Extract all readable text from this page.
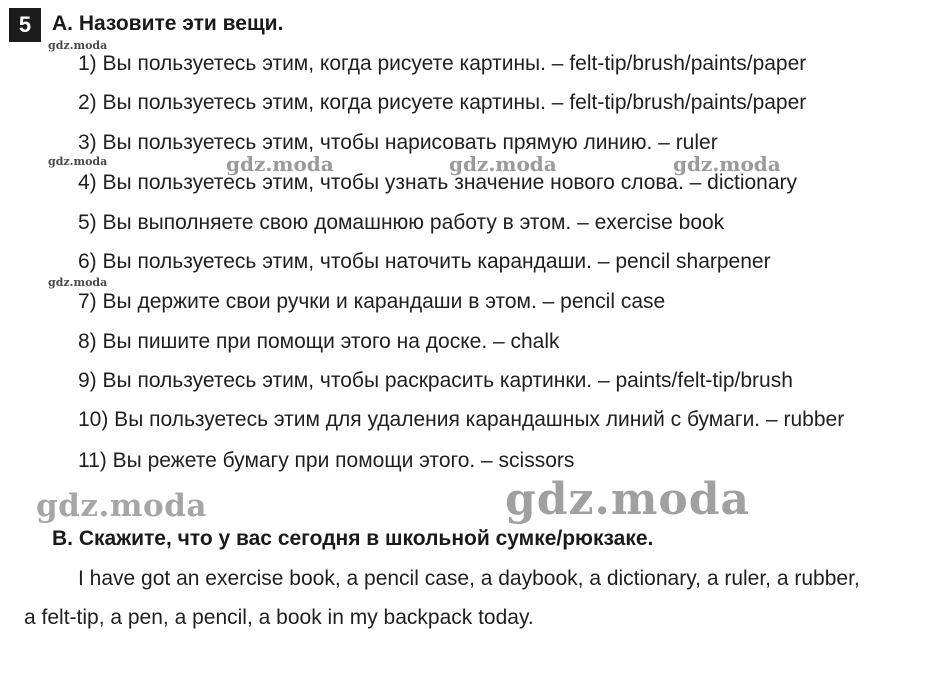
5 A. Назовите эти вещи.
1) Вы пользуетесь этим, когда рисуете картины. – felt-tip/brush/paints/paper
2) Вы пользуетесь этим, когда рисуете картины. – felt-tip/brush/paints/paper
3) Вы пользуетесь этим, чтобы нарисовать прямую линию. – ruler
4) Вы пользуетесь этим, чтобы узнать значение нового слова. – dictionary
5) Вы выполняете свою домашнюю работу в этом. – exercise book
6) Вы пользуетесь этим, чтобы наточить карандаши. – pencil sharpener
7) Вы держите свои ручки и карандаши в этом. – pencil case
8) Вы пишите при помощи этого на доске. – chalk
9) Вы пользуетесь этим, чтобы раскрасить картинки. – paints/felt-tip/brush
10) Вы пользуетесь этим для удаления карандашных линий с бумаги. – rubber
11) Вы режете бумагу при помощи этого. – scissors
B. Скажите, что у вас сегодня в школьной сумке/рюкзаке.
I have got an exercise book, a pencil case, a daybook, a dictionary, a ruler, a rubber,
a felt-tip, a pen, a pencil, a book in my backpack today.
gdz.moda
gdz.moda
gdz.moda
gdz.moda	gdz.moda	gdz.moda
gdz.moda	gdz.moda
